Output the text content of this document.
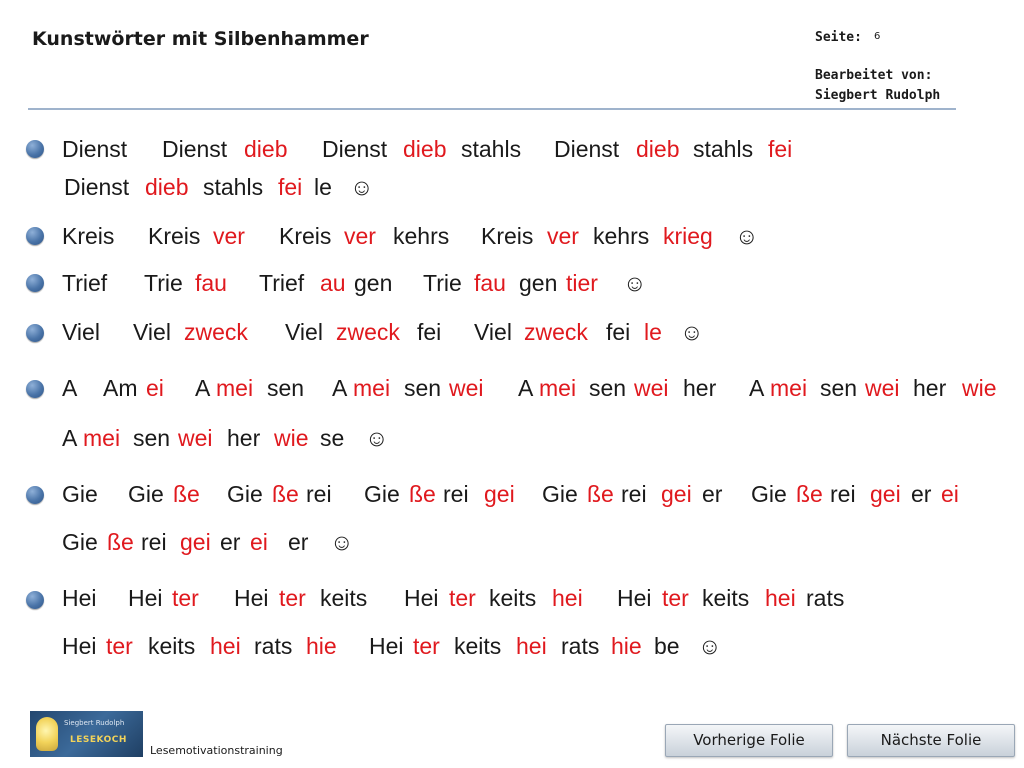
Kunstwörter mit Silbenhammer	Seite: 6
Bearbeitet von:
Siegbert Rudolph
Dienst Dienst dieb Dienst dieb stahls Dienst dieb stahls fei
Dienst dieb stahls fei le ☺
Kreis Kreis ver Kreis ver kehrs Kreis ver kehrs krieg ☺
Trief Trie fau Trief au gen Trie fau gen tier ☺
Viel Viel zweck Viel zweck fei Viel zweck fei le ☺
A Am ei A mei sen A mei sen wei A mei sen wei her A mei sen wei her wie
A mei sen wei her wie se ☺
Gie Gie ße Gie ße rei Gie ße rei gei Gie ße rei gei er Gie ße rei gei er ei
Gie ße rei gei er ei er ☺
Hei Hei ter Hei ter keits Hei ter keits hei Hei ter keits hei rats
Hei ter keits hei rats hie Hei ter keits hei rats hie be ☺
Siegbert Rudolph
LESEKOCH
Lesemotivationstraining
Vorherige Folie	Nächste Folie
